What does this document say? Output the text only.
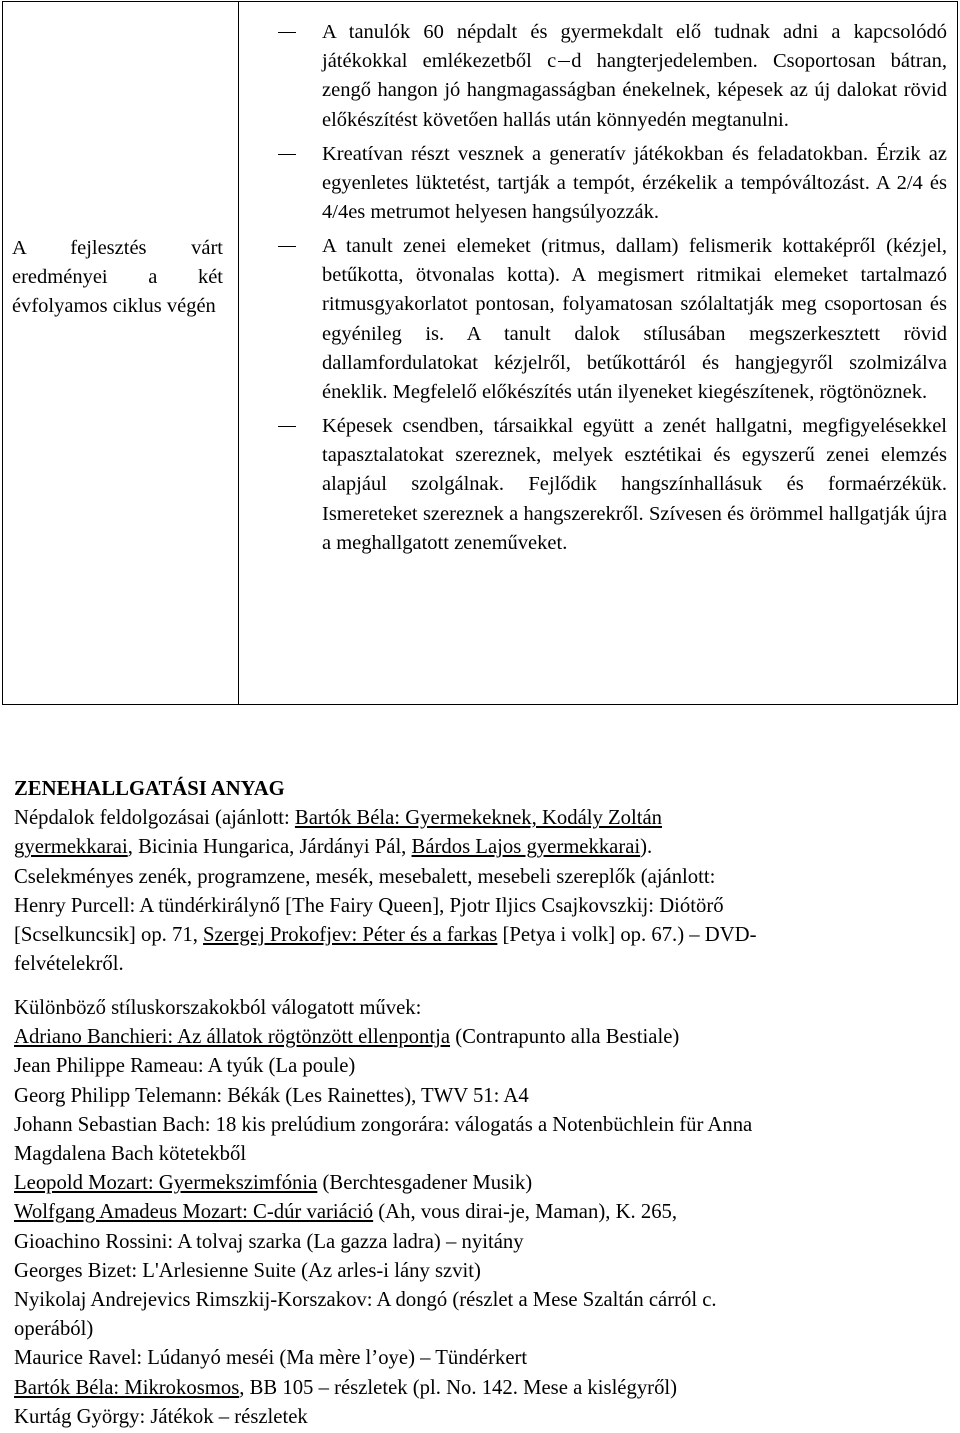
A fejlesztés várt eredményei a két évfolyamos ciklus végén
A tanulók 60 népdalt és gyermekdalt elő tudnak adni a kapcsolódó játékokkal emlékezetből c d hangterjedelemben. Csoportosan bátran, zengő hangon jó hangmagasságban énekelnek, képesek az új dalokat rövid előkészítést követően hallás után könnyedén megtanulni.
Kreatívan részt vesznek a generatív játékokban és feladatokban. Érzik az egyenletes lüktetést, tartják a tempót, érzékelik a tempóváltozást. A 2/4 és 4/4es metrumot helyesen hangsúlyozzák.
A tanult zenei elemeket (ritmus, dallam) felismerik kottaképről (kézjel, betűkotta, ötvonalas kotta). A megismert ritmikai elemeket tartalmazó ritmusgyakorlatot pontosan, folyamatosan szólaltatják meg csoportosan és egyénileg is. A tanult dalok stílusában megszerkesztett rövid dallamfordulatokat kézjelről, betűkottáról és hangjegyről szolmizálva éneklik. Megfelelő előkészítés után ilyeneket kiegészítenek, rögtönöznek.
Képesek csendben, társaikkal együtt a zenét hallgatni, megfigyelésekkel tapasztalatokat szereznek, melyek esztétikai és egyszerű zenei elemzés alapjául szolgálnak. Fejlődik hangszínhallásuk és formaérzékük. Ismereteket szereznek a hangszerekről. Szívesen és örömmel hallgatják újra a meghallgatott zeneműveket.
ZENEHALLGATÁSI ANYAG
Népdalok feldolgozásai (ajánlott: Bartók Béla: Gyermekeknek, Kodály Zoltán
gyermekkarai, Bicinia Hungarica, Járdányi Pál, Bárdos Lajos gyermekkarai).
Cselekményes zenék, programzene, mesék, mesebalett, mesebeli szereplők (ajánlott:
Henry Purcell: A tündérkirálynő [The Fairy Queen], Pjotr Iljics Csajkovszkij: Diótörő
[Scselkuncsik] op. 71, Szergej Prokofjev: Péter és a farkas [Petya i volk] op. 67.) – DVD-
felvételekről.
Különböző stíluskorszakokból válogatott művek:
Adriano Banchieri: Az állatok rögtönzött ellenpontja (Contrapunto alla Bestiale)
Jean Philippe Rameau: A tyúk (La poule)
Georg Philipp Telemann: Békák (Les Rainettes), TWV 51: A4
Johann Sebastian Bach: 18 kis prelúdium zongorára: válogatás a Notenbüchlein für Anna
Magdalena Bach kötetekből
Leopold Mozart: Gyermekszimfónia (Berchtesgadener Musik)
Wolfgang Amadeus Mozart: C-dúr variáció (Ah, vous dirai-je, Maman), K. 265,
Gioachino Rossini: A tolvaj szarka (La gazza ladra) – nyitány
Georges Bizet: L'Arlesienne Suite (Az arles-i lány szvit)
Nyikolaj Andrejevics Rimszkij-Korszakov: A dongó (részlet a Mese Szaltán cárról c.
operából)
Maurice Ravel: Lúdanyó meséi (Ma mère l’oye) – Tündérkert
Bartók Béla: Mikrokosmos, BB 105 – részletek (pl. No. 142. Mese a kislégyről)
Kurtág György: Játékok – részletek
